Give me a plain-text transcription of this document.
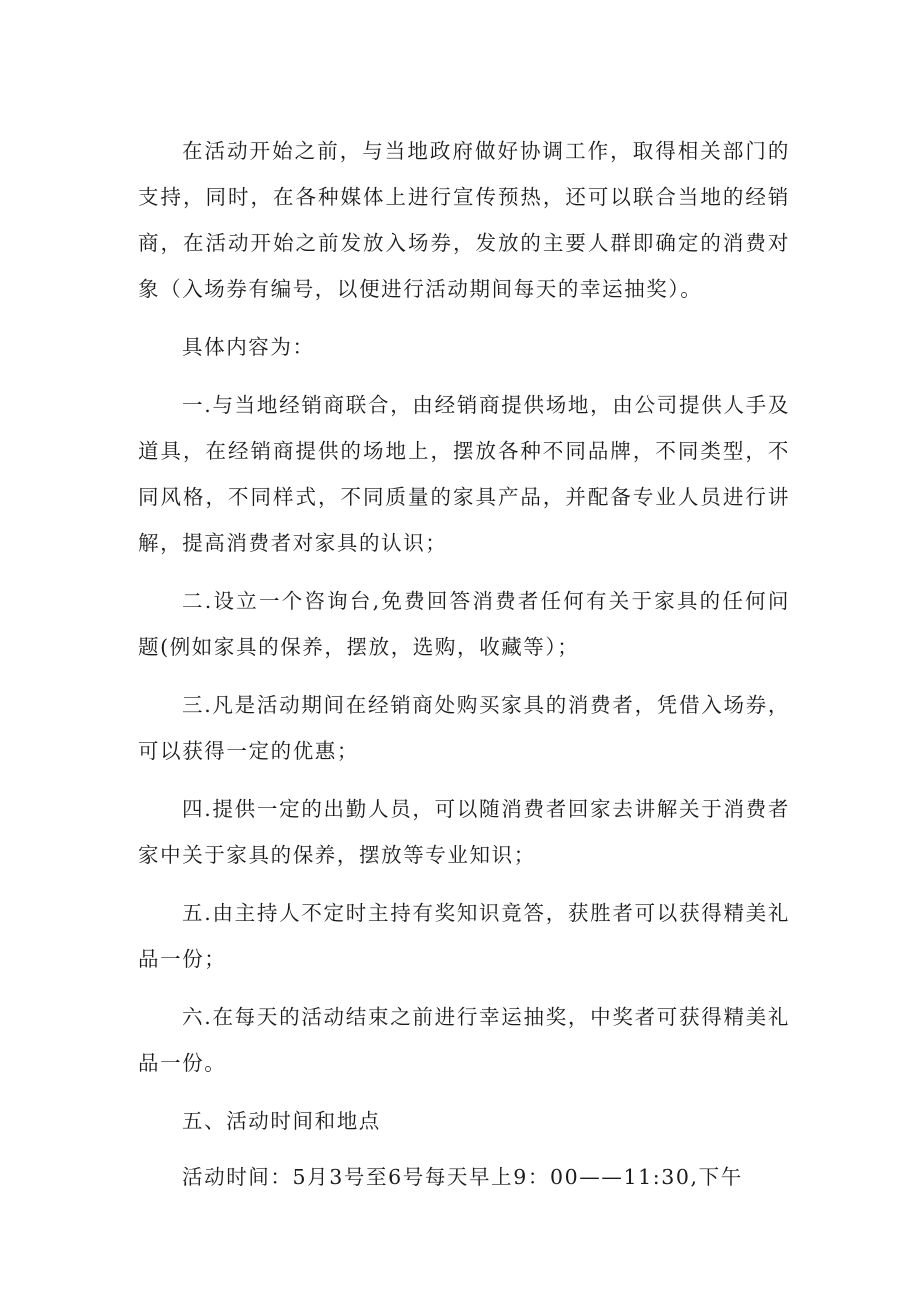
在活动开始之前，与当地政府做好协调工作，取得相关部门的支持，同时，在各种媒体上进行宣传预热，还可以联合当地的经销商，在活动开始之前发放入场券，发放的主要人群即确定的消费对象（入场券有编号，以便进行活动期间每天的幸运抽奖）。

具体内容为：

一.与当地经销商联合，由经销商提供场地，由公司提供人手及道具，在经销商提供的场地上，摆放各种不同品牌，不同类型，不同风格，不同样式，不同质量的家具产品，并配备专业人员进行讲解，提高消费者对家具的认识；

二.设立一个咨询台,免费回答消费者任何有关于家具的任何问题(例如家具的保养，摆放，选购，收藏等）；

三.凡是活动期间在经销商处购买家具的消费者，凭借入场券，可以获得一定的优惠；

四.提供一定的出勤人员，可以随消费者回家去讲解关于消费者家中关于家具的保养，摆放等专业知识；

五.由主持人不定时主持有奖知识竟答，获胜者可以获得精美礼品一份；

六.在每天的活动结束之前进行幸运抽奖，中奖者可获得精美礼品一份。

五、活动时间和地点

活动时间：5月3号至6号每天早上9：00——11:30,下午
